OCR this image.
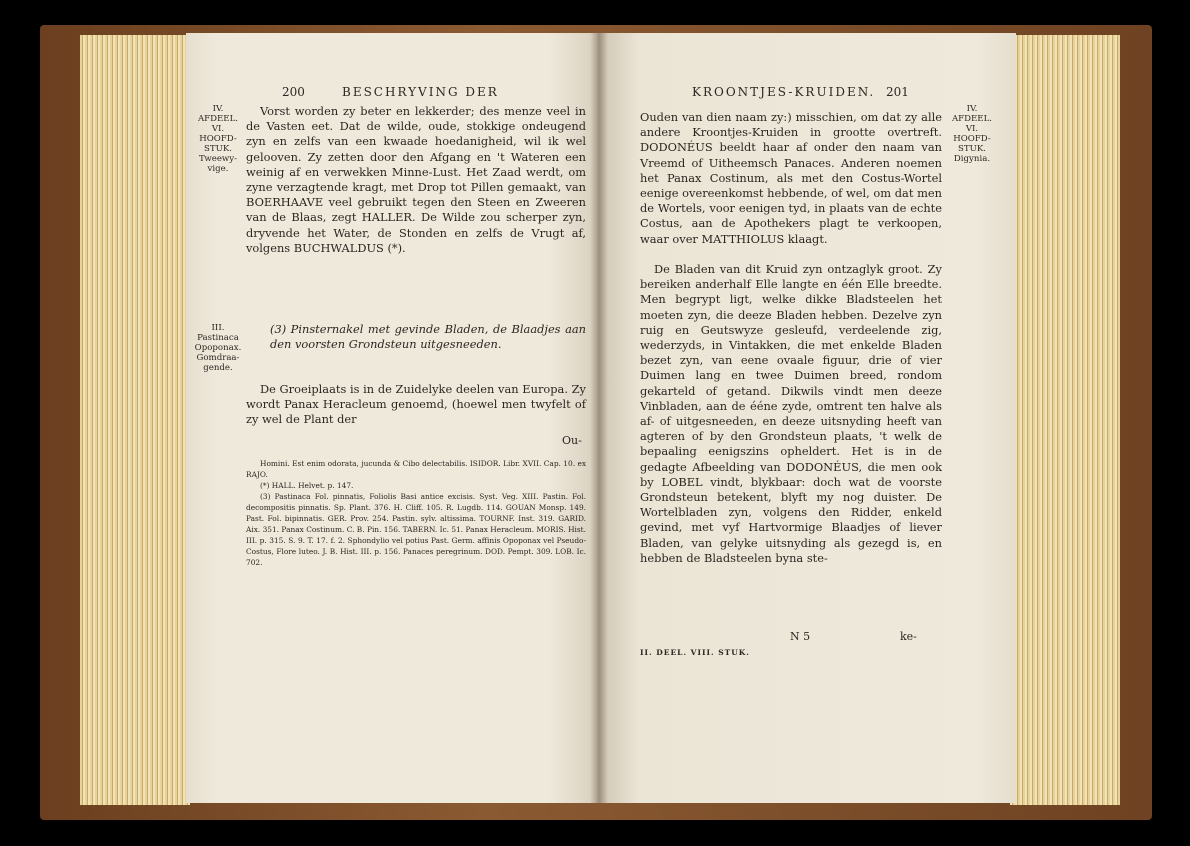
200	BESCHRYVING DER
IV. AFDEEL. VI. HOOFD-STUK. Tweewy-vige.
III. Pastinaca Opoponax. Gomdraa-gende.
Vorst worden zy beter en lekkerder; des menze veel in de Vasten eet. Dat de wilde, oude, stokkige ondeugend zyn en zelfs van een kwaade hoedanigheid, wil ik wel gelooven. Zy zetten door den Afgang en 't Wateren een weinig af en verwekken Minne-Lust. Het Zaad werdt, om zyne verzagtende kragt, met Drop tot Pillen gemaakt, van BOERHAAVE veel gebruikt tegen den Steen en Zweeren van de Blaas, zegt HALLER. De Wilde zou scherper zyn, dryvende het Water, de Stonden en zelfs de Vrugt af, volgens BUCHWALDUS (*).
(3) Pinsternakel met gevinde Bladen, de Blaadjes aan den voorsten Grondsteun uitgesneeden.
De Groeiplaats is in de Zuidelyke deelen van Europa. Zy wordt Panax Heracleum genoemd, (hoewel men twyfelt of zy wel de Plant der
Ou-

Homini. Est enim odorata, jucunda & Cibo delectabilis. ISIDOR. Libr. XVII. Cap. 10. ex RAJO.

(*) HALL. Helvet. p. 147.

(3) Pastinaca Fol. pinnatis, Foliolis Basi antice excisis. Syst. Veg. XIII. Pastin. Fol. decompositis pinnatis. Sp. Plant. 376. H. Cliff. 105. R. Lugdb. 114. GOUAN Monsp. 149. Past. Fol. bipinnatis. GER. Prov. 254. Pastin. sylv. altissima. TOURNF. Inst. 319. GARID. Aix. 351. Panax Costinum. C. B. Pin. 156. TABERN. Ic. 51. Panax Heracleum. MORIS. Hist. III. p. 315. S. 9. T. 17. f. 2. Sphondylio vel potius Past. Germ. affinis Opoponax vel Pseudo-Costus, Flore luteo. J. B. Hist. III. p. 156. Panaces peregrinum. DOD. Pempt. 309. LOB. Ic. 702.

KROONTJES-KRUIDEN. 201
IV. AFDEEL. VI. HOOFD-STUK. Digynia.
Ouden van dien naam zy:) misschien, om dat zy alle andere Kroontjes-Kruiden in grootte overtreft. DODONÉUS beeldt haar af onder den naam van Vreemd of Uitheemsch Panaces. Anderen noemen het Panax Costinum, als met den Costus-Wortel eenige overeenkomst hebbende, of wel, om dat men de Wortels, voor eenigen tyd, in plaats van de echte Costus, aan de Apothekers plagt te verkoopen, waar over MATTHIOLUS klaagt.
De Bladen van dit Kruid zyn ontzaglyk groot. Zy bereiken anderhalf Elle langte en één Elle breedte. Men begrypt ligt, welke dikke Bladsteelen het moeten zyn, die deeze Bladen hebben. Dezelve zyn ruig en Geutswyze gesleufd, verdeelende zig, wederzyds, in Vintakken, die met enkelde Bladen bezet zyn, van eene ovaale figuur, drie of vier Duimen lang en twee Duimen breed, rondom gekarteld of getand. Dikwils vindt men deeze Vinbladen, aan de ééne zyde, omtrent ten halve als af- of uitgesneeden, en deeze uitsnyding heeft van agteren of by den Grondsteun plaats, 't welk de bepaaling eenigszins opheldert. Het is in de gedagte Afbeelding van DODONÉUS, die men ook by LOBEL vindt, blykbaar: doch wat de voorste Grondsteun betekent, blyft my nog duister. De Wortelbladen zyn, volgens den Ridder, enkeld gevind, met vyf Hartvormige Blaadjes of liever Bladen, van gelyke uitsnyding als gezegd is, en hebben de Bladsteelen byna ste-
N 5	ke-
II. DEEL. VIII. STUK.
